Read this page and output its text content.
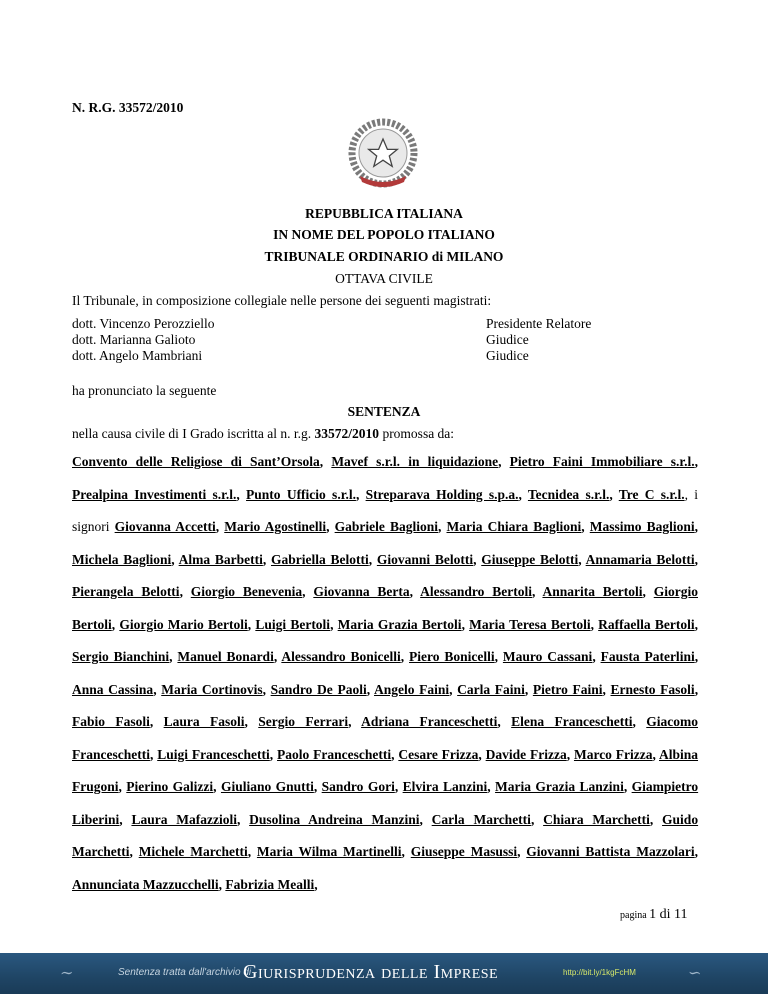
N. R.G. 33572/2010
REPUBBLICA ITALIANA
IN NOME DEL POPOLO ITALIANO
TRIBUNALE ORDINARIO di MILANO
OTTAVA CIVILE
Il Tribunale, in composizione collegiale nelle persone dei seguenti magistrati:
dott. Vincenzo Perozziello	Presidente Relatore
dott. Marianna Galioto	Giudice
dott. Angelo Mambriani	Giudice
ha pronunciato la seguente
SENTENZA
nella causa civile di I Grado iscritta al n. r.g. 33572/2010 promossa da:
Convento delle Religiose di Sant’Orsola, Mavef s.r.l. in liquidazione, Pietro Faini Immobiliare s.r.l., Prealpina Investimenti s.r.l., Punto Ufficio s.r.l., Streparava Holding s.p.a., Tecnidea s.r.l., Tre C s.r.l., i signori Giovanna Accetti, Mario Agostinelli, Gabriele Baglioni, Maria Chiara Baglioni, Massimo Baglioni, Michela Baglioni, Alma Barbetti, Gabriella Belotti, Giovanni Belotti, Giuseppe Belotti, Annamaria Belotti, Pierangela Belotti, Giorgio Benevenia, Giovanna Berta, Alessandro Bertoli, Annarita Bertoli, Giorgio Bertoli, Giorgio Mario Bertoli, Luigi Bertoli, Maria Grazia Bertoli, Maria Teresa Bertoli, Raffaella Bertoli, Sergio Bianchini, Manuel Bonardi, Alessandro Bonicelli, Piero Bonicelli, Mauro Cassani, Fausta Paterlini, Anna Cassina, Maria Cortinovis, Sandro De Paoli, Angelo Faini, Carla Faini, Pietro Faini, Ernesto Fasoli, Fabio Fasoli, Laura Fasoli, Sergio Ferrari, Adriana Franceschetti, Elena Franceschetti, Giacomo Franceschetti, Luigi Franceschetti, Paolo Franceschetti, Cesare Frizza, Davide Frizza, Marco Frizza, Albina Frugoni, Pierino Galizzi, Giuliano Gnutti, Sandro Gori, Elvira Lanzini, Maria Grazia Lanzini, Giampietro Liberini, Laura Mafazzioli, Dusolina Andreina Manzini, Carla Marchetti, Chiara Marchetti, Guido Marchetti, Michele Marchetti, Maria Wilma Martinelli, Giuseppe Masussi, Giovanni Battista Mazzolari, Annunciata Mazzucchelli, Fabrizia Mealli,
pagina 1 di 11
∼	Sentenza tratta dall'archivio di
Giurisprudenza delle Imprese	http://bit.ly/1kgFcHM	∽
